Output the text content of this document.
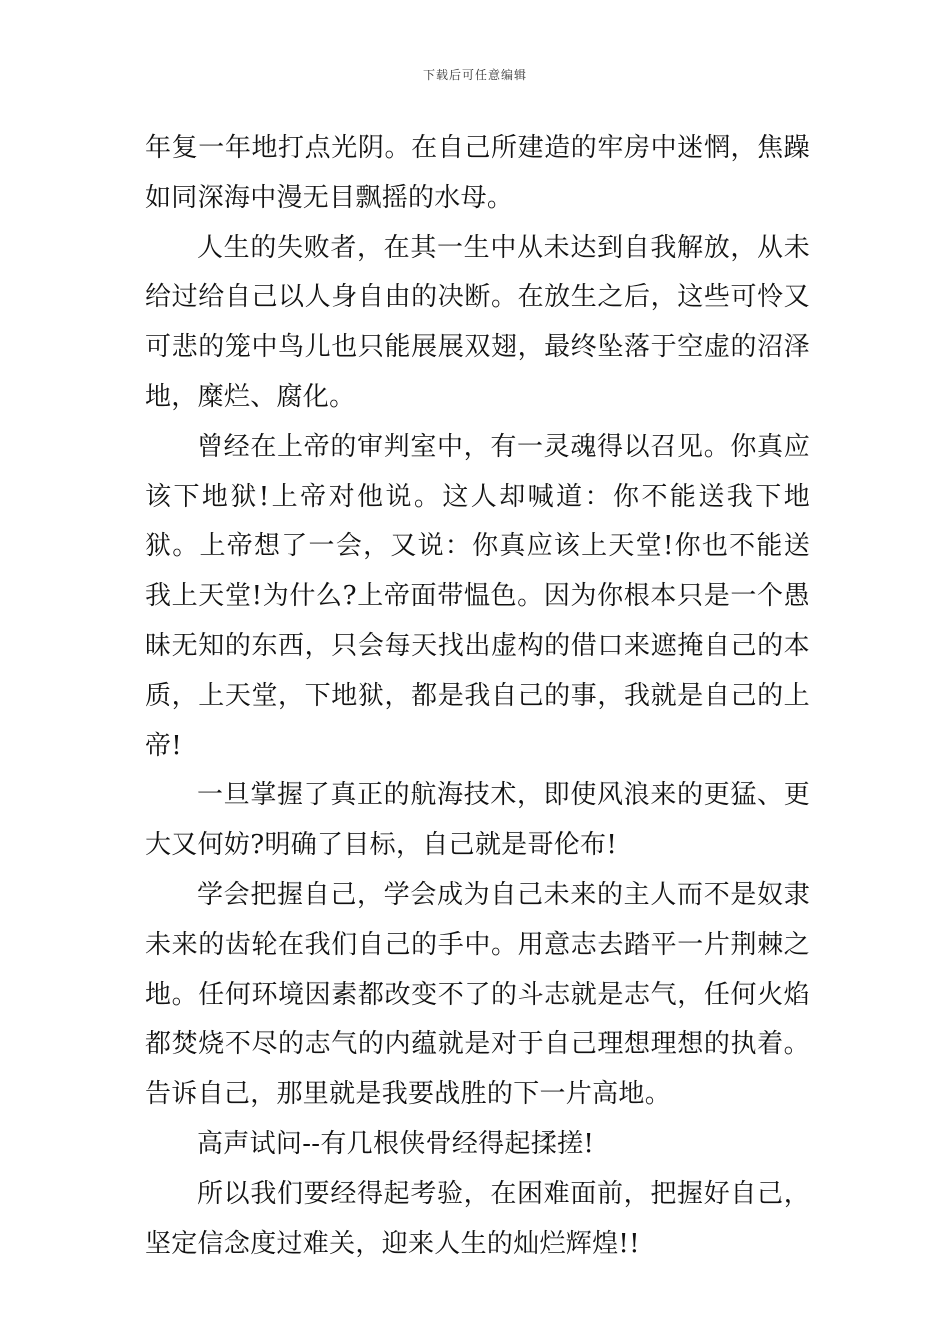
下载后可任意编辑

年复一年地打点光阴。在自己所建造的牢房中迷惘，焦躁如同深海中漫无目飘摇的水母。

人生的失败者，在其一生中从未达到自我解放，从未给过给自己以人身自由的决断。在放生之后，这些可怜又可悲的笼中鸟儿也只能展展双翅，最终坠落于空虚的沼泽地，糜烂、腐化。

曾经在上帝的审判室中，有一灵魂得以召见。你真应该下地狱!上帝对他说。这人却喊道：你不能送我下地狱。上帝想了一会，又说：你真应该上天堂!你也不能送我上天堂!为什么?上帝面带愠色。因为你根本只是一个愚昧无知的东西，只会每天找出虚构的借口来遮掩自己的本质，上天堂，下地狱，都是我自己的事，我就是自己的上帝!

一旦掌握了真正的航海技术，即使风浪来的更猛、更大又何妨?明确了目标，自己就是哥伦布!

学会把握自己，学会成为自己未来的主人而不是奴隶未来的齿轮在我们自己的手中。用意志去踏平一片荆棘之地。任何环境因素都改变不了的斗志就是志气，任何火焰都焚烧不尽的志气的内蕴就是对于自己理想理想的执着。告诉自己，那里就是我要战胜的下一片高地。

高声试问--有几根侠骨经得起揉搓!

所以我们要经得起考验，在困难面前，把握好自己，坚定信念度过难关，迎来人生的灿烂辉煌!!
